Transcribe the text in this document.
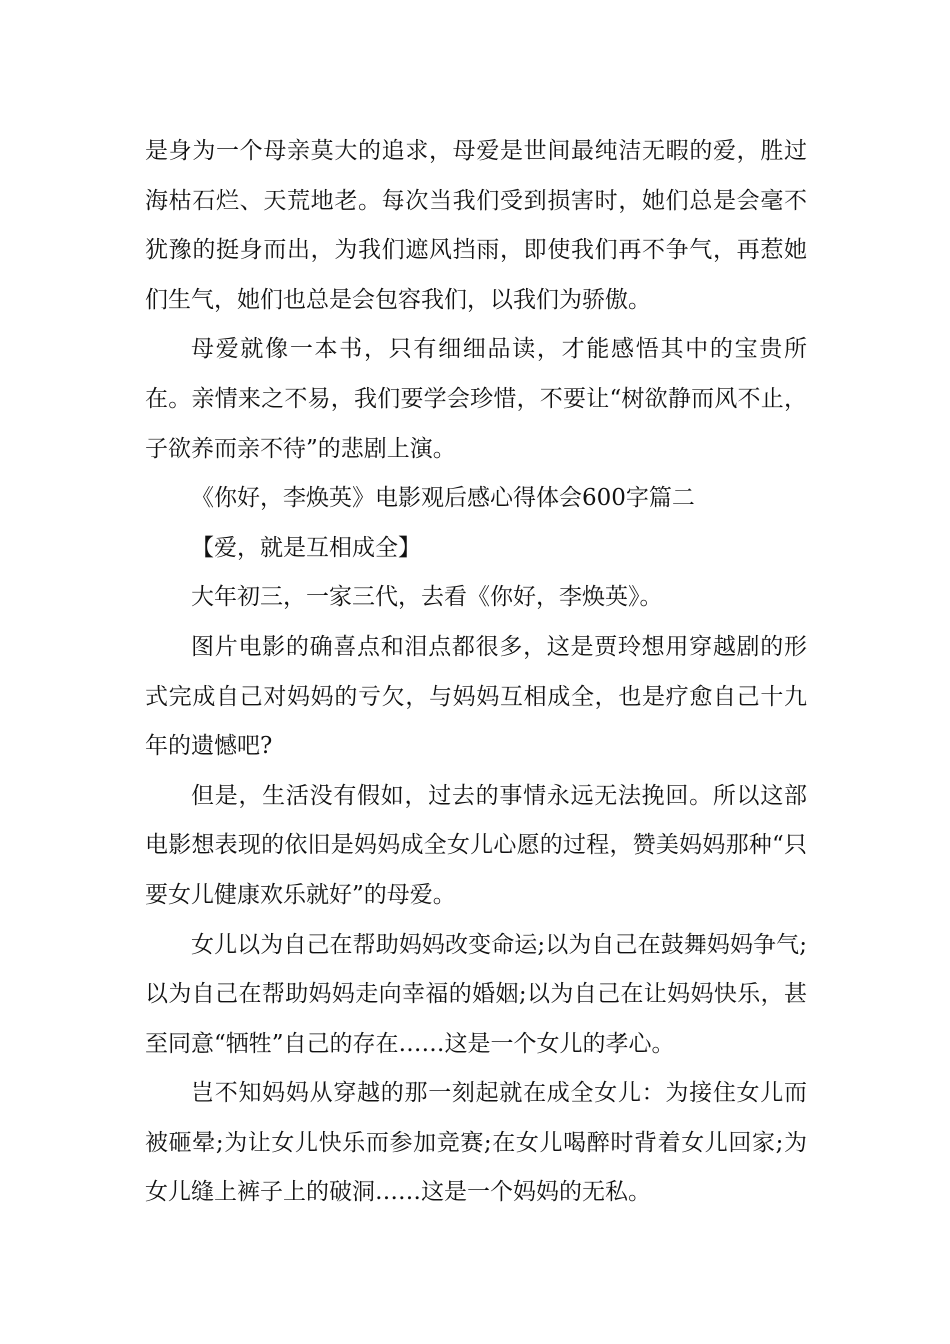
是身为一个母亲莫大的追求，母爱是世间最纯洁无暇的爱，胜过海枯石烂、天荒地老。每次当我们受到损害时，她们总是会毫不犹豫的挺身而出，为我们遮风挡雨，即使我们再不争气，再惹她们生气，她们也总是会包容我们，以我们为骄傲。

母爱就像一本书，只有细细品读，才能感悟其中的宝贵所在。亲情来之不易，我们要学会珍惜，不要让“树欲静而风不止，子欲养而亲不待”的悲剧上演。

《你好，李焕英》电影观后感心得体会600字篇二

【爱，就是互相成全】

大年初三，一家三代，去看《你好，李焕英》。

图片电影的确喜点和泪点都很多，这是贾玲想用穿越剧的形式完成自己对妈妈的亏欠，与妈妈互相成全，也是疗愈自己十九年的遗憾吧?

但是，生活没有假如，过去的事情永远无法挽回。所以这部电影想表现的依旧是妈妈成全女儿心愿的过程，赞美妈妈那种“只要女儿健康欢乐就好”的母爱。

女儿以为自己在帮助妈妈改变命运;以为自己在鼓舞妈妈争气;以为自己在帮助妈妈走向幸福的婚姻;以为自己在让妈妈快乐，甚至同意“牺牲”自己的存在……这是一个女儿的孝心。

岂不知妈妈从穿越的那一刻起就在成全女儿：为接住女儿而被砸晕;为让女儿快乐而参加竞赛;在女儿喝醉时背着女儿回家;为女儿缝上裤子上的破洞……这是一个妈妈的无私。
